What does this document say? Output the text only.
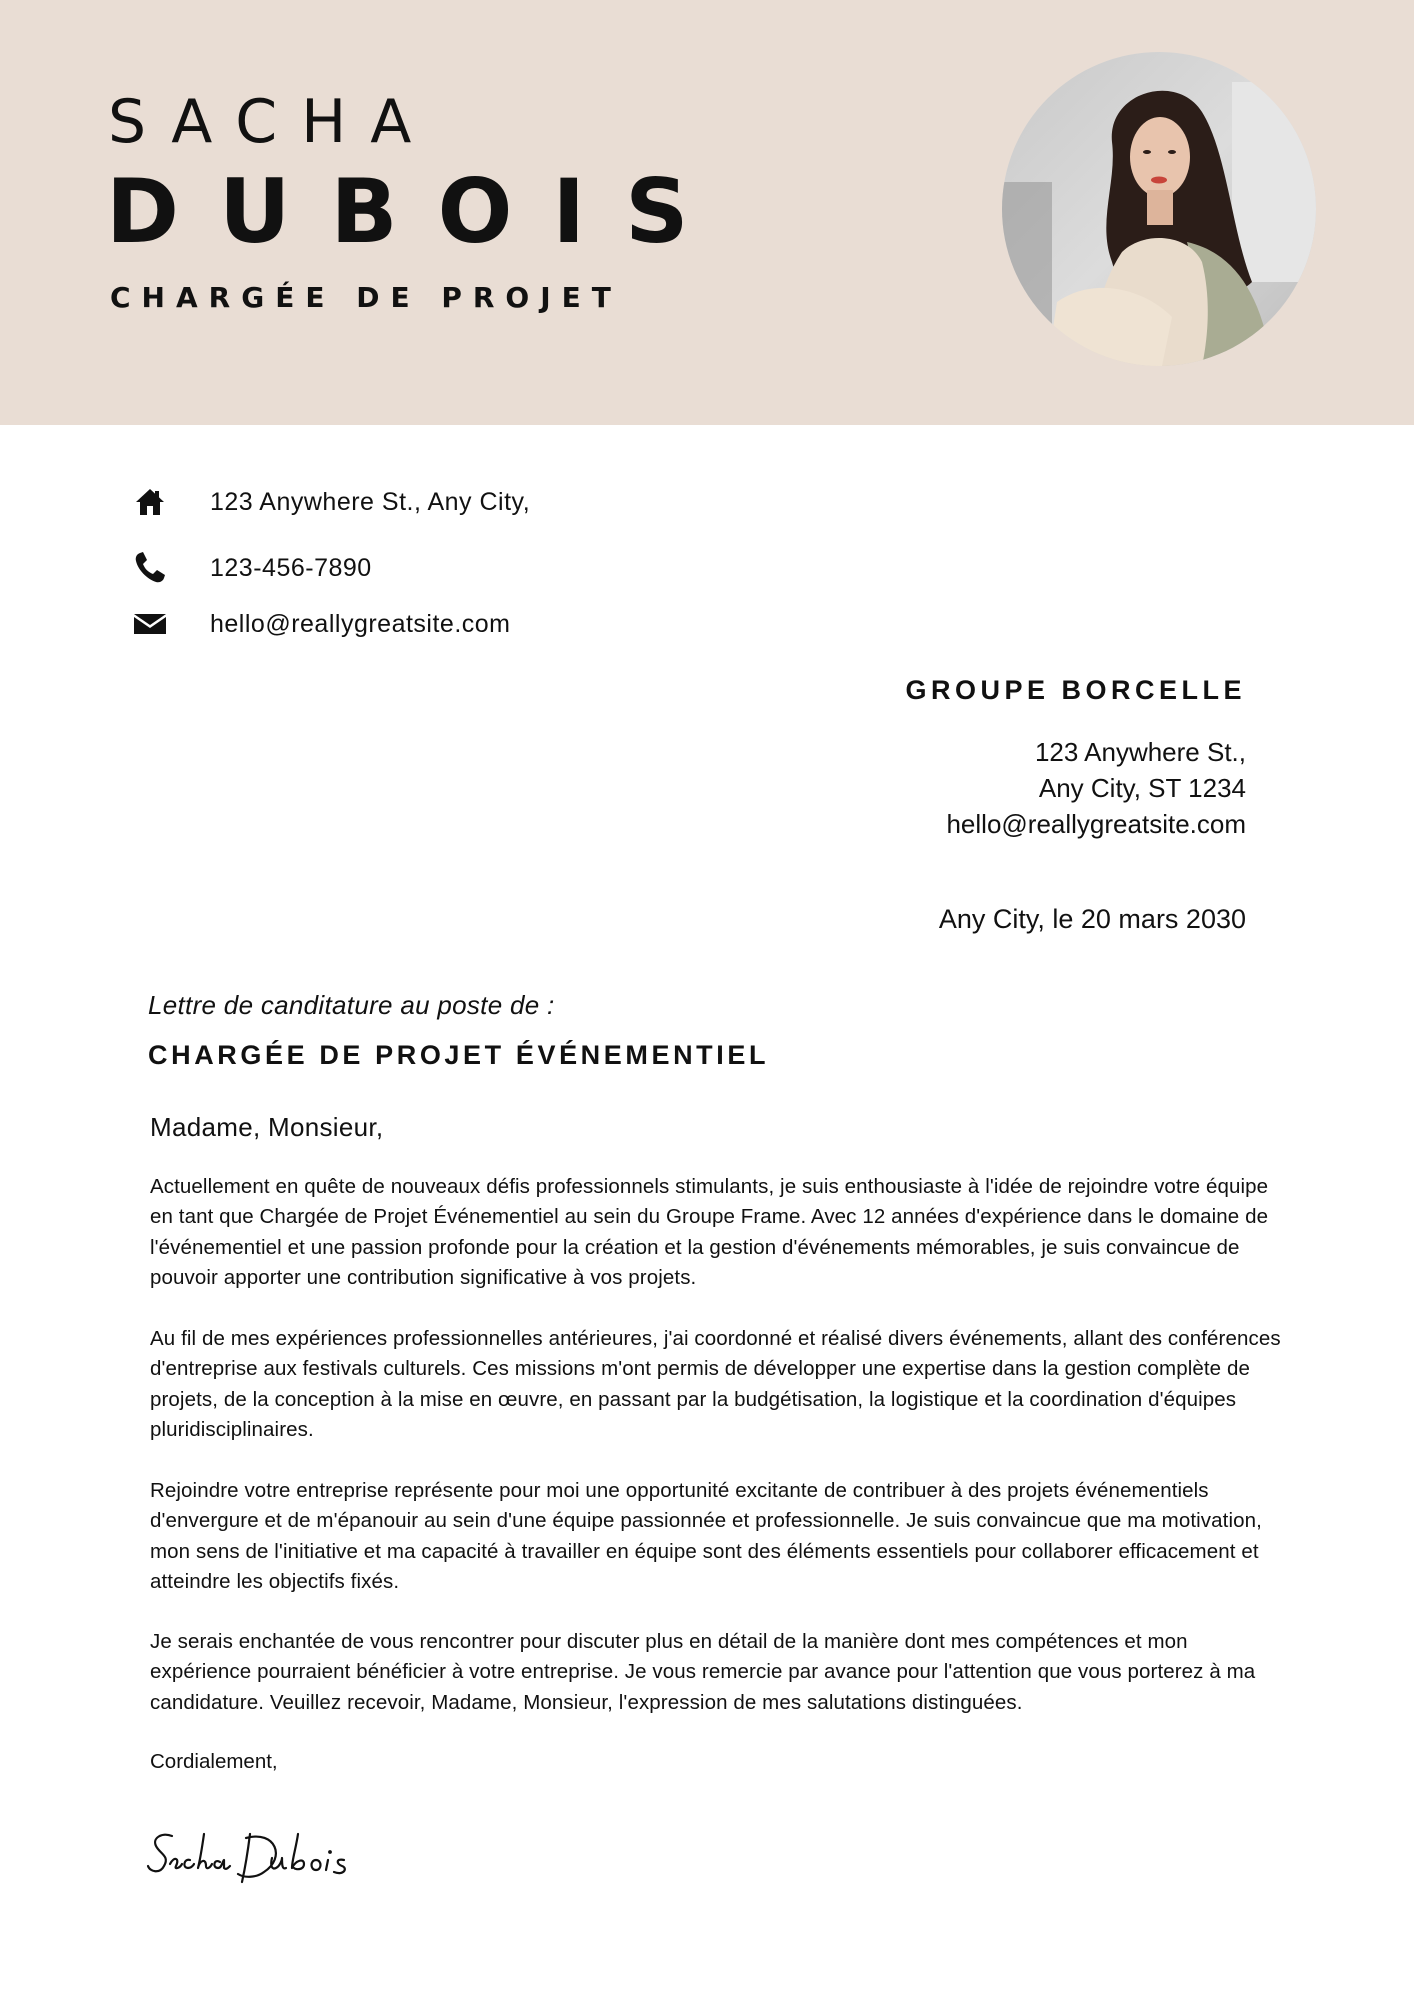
SACHA
DUBOIS
CHARGÉE DE PROJET
123 Anywhere St., Any City,
123-456-7890
hello@reallygreatsite.com
GROUPE BORCELLE
123 Anywhere St.,
Any City, ST 1234
hello@reallygreatsite.com
Any City, le 20 mars 2030
Lettre de canditature au poste de :
CHARGÉE DE PROJET ÉVÉNEMENTIEL
Madame, Monsieur,

Actuellement en quête de nouveaux défis professionnels stimulants, je suis enthousiaste à l'idée de rejoindre votre équipe en tant que Chargée de Projet Événementiel au sein du Groupe Frame. Avec 12 années d'expérience dans le domaine de l'événementiel et une passion profonde pour la création et la gestion d'événements mémorables, je suis convaincue de pouvoir apporter une contribution significative à vos projets.

Au fil de mes expériences professionnelles antérieures, j'ai coordonné et réalisé divers événements, allant des conférences d'entreprise aux festivals culturels. Ces missions m'ont permis de développer une expertise dans la gestion complète de projets, de la conception à la mise en œuvre, en passant par la budgétisation, la logistique et la coordination d'équipes pluridisciplinaires.

Rejoindre votre entreprise représente pour moi une opportunité excitante de contribuer à des projets événementiels d'envergure et de m'épanouir au sein d'une équipe passionnée et professionnelle. Je suis convaincue que ma motivation, mon sens de l'initiative et ma capacité à travailler en équipe sont des éléments essentiels pour collaborer efficacement et atteindre les objectifs fixés.

Je serais enchantée de vous rencontrer pour discuter plus en détail de la manière dont mes compétences et mon expérience pourraient bénéficier à votre entreprise. Je vous remercie par avance pour l'attention que vous porterez à ma candidature. Veuillez recevoir, Madame, Monsieur, l'expression de mes salutations distinguées.

Cordialement,
